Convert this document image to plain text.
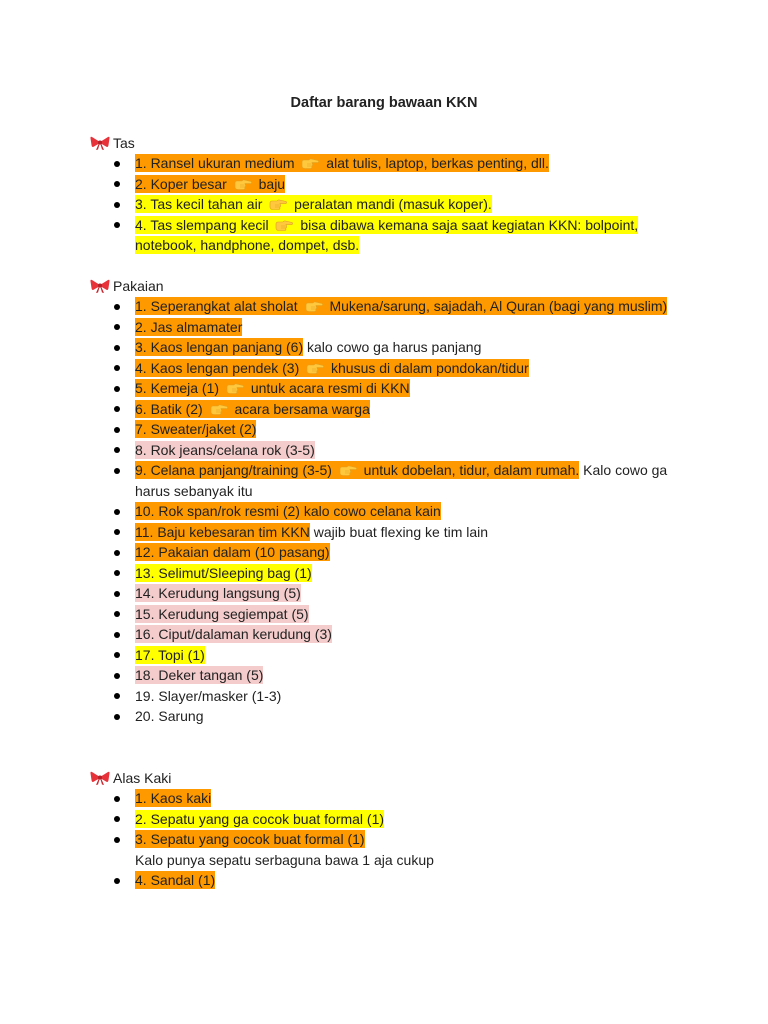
Daftar barang bawaan KKN
Tas
1. Ransel ukuran medium
alat tulis, laptop, berkas penting, dll.
2. Koper besar
baju
3. Tas kecil tahan air
peralatan mandi (masuk koper).
4. Tas slempang kecil
bisa dibawa kemana saja saat kegiatan KKN: bolpoint, notebook, handphone, dompet, dsb.
Pakaian
1. Seperangkat alat sholat
Mukena/sarung, sajadah, Al Quran (bagi yang muslim)
2. Jas almamater
3. Kaos lengan panjang (6) kalo cowo ga harus panjang
4. Kaos lengan pendek (3)
khusus di dalam pondokan/tidur
5. Kemeja (1)
untuk acara resmi di KKN
6. Batik (2)
acara bersama warga
7. Sweater/jaket (2)
8. Rok jeans/celana rok (3-5)
9. Celana panjang/training (3-5)
untuk dobelan, tidur, dalam rumah. Kalo cowo ga harus sebanyak itu
10. Rok span/rok resmi (2) kalo cowo celana kain
11. Baju kebesaran tim KKN wajib buat flexing ke tim lain
12. Pakaian dalam (10 pasang)
13. Selimut/Sleeping bag (1)
14. Kerudung langsung (5)
15. Kerudung segiempat (5)
16. Ciput/dalaman kerudung (3)
17. Topi (1)
18. Deker tangan (5)
19. Slayer/masker (1-3)
20. Sarung
Alas Kaki
1. Kaos kaki
2. Sepatu yang ga cocok buat formal (1)
3. Sepatu yang cocok buat formal (1)
Kalo punya sepatu serbaguna bawa 1 aja cukup
4. Sandal (1)
